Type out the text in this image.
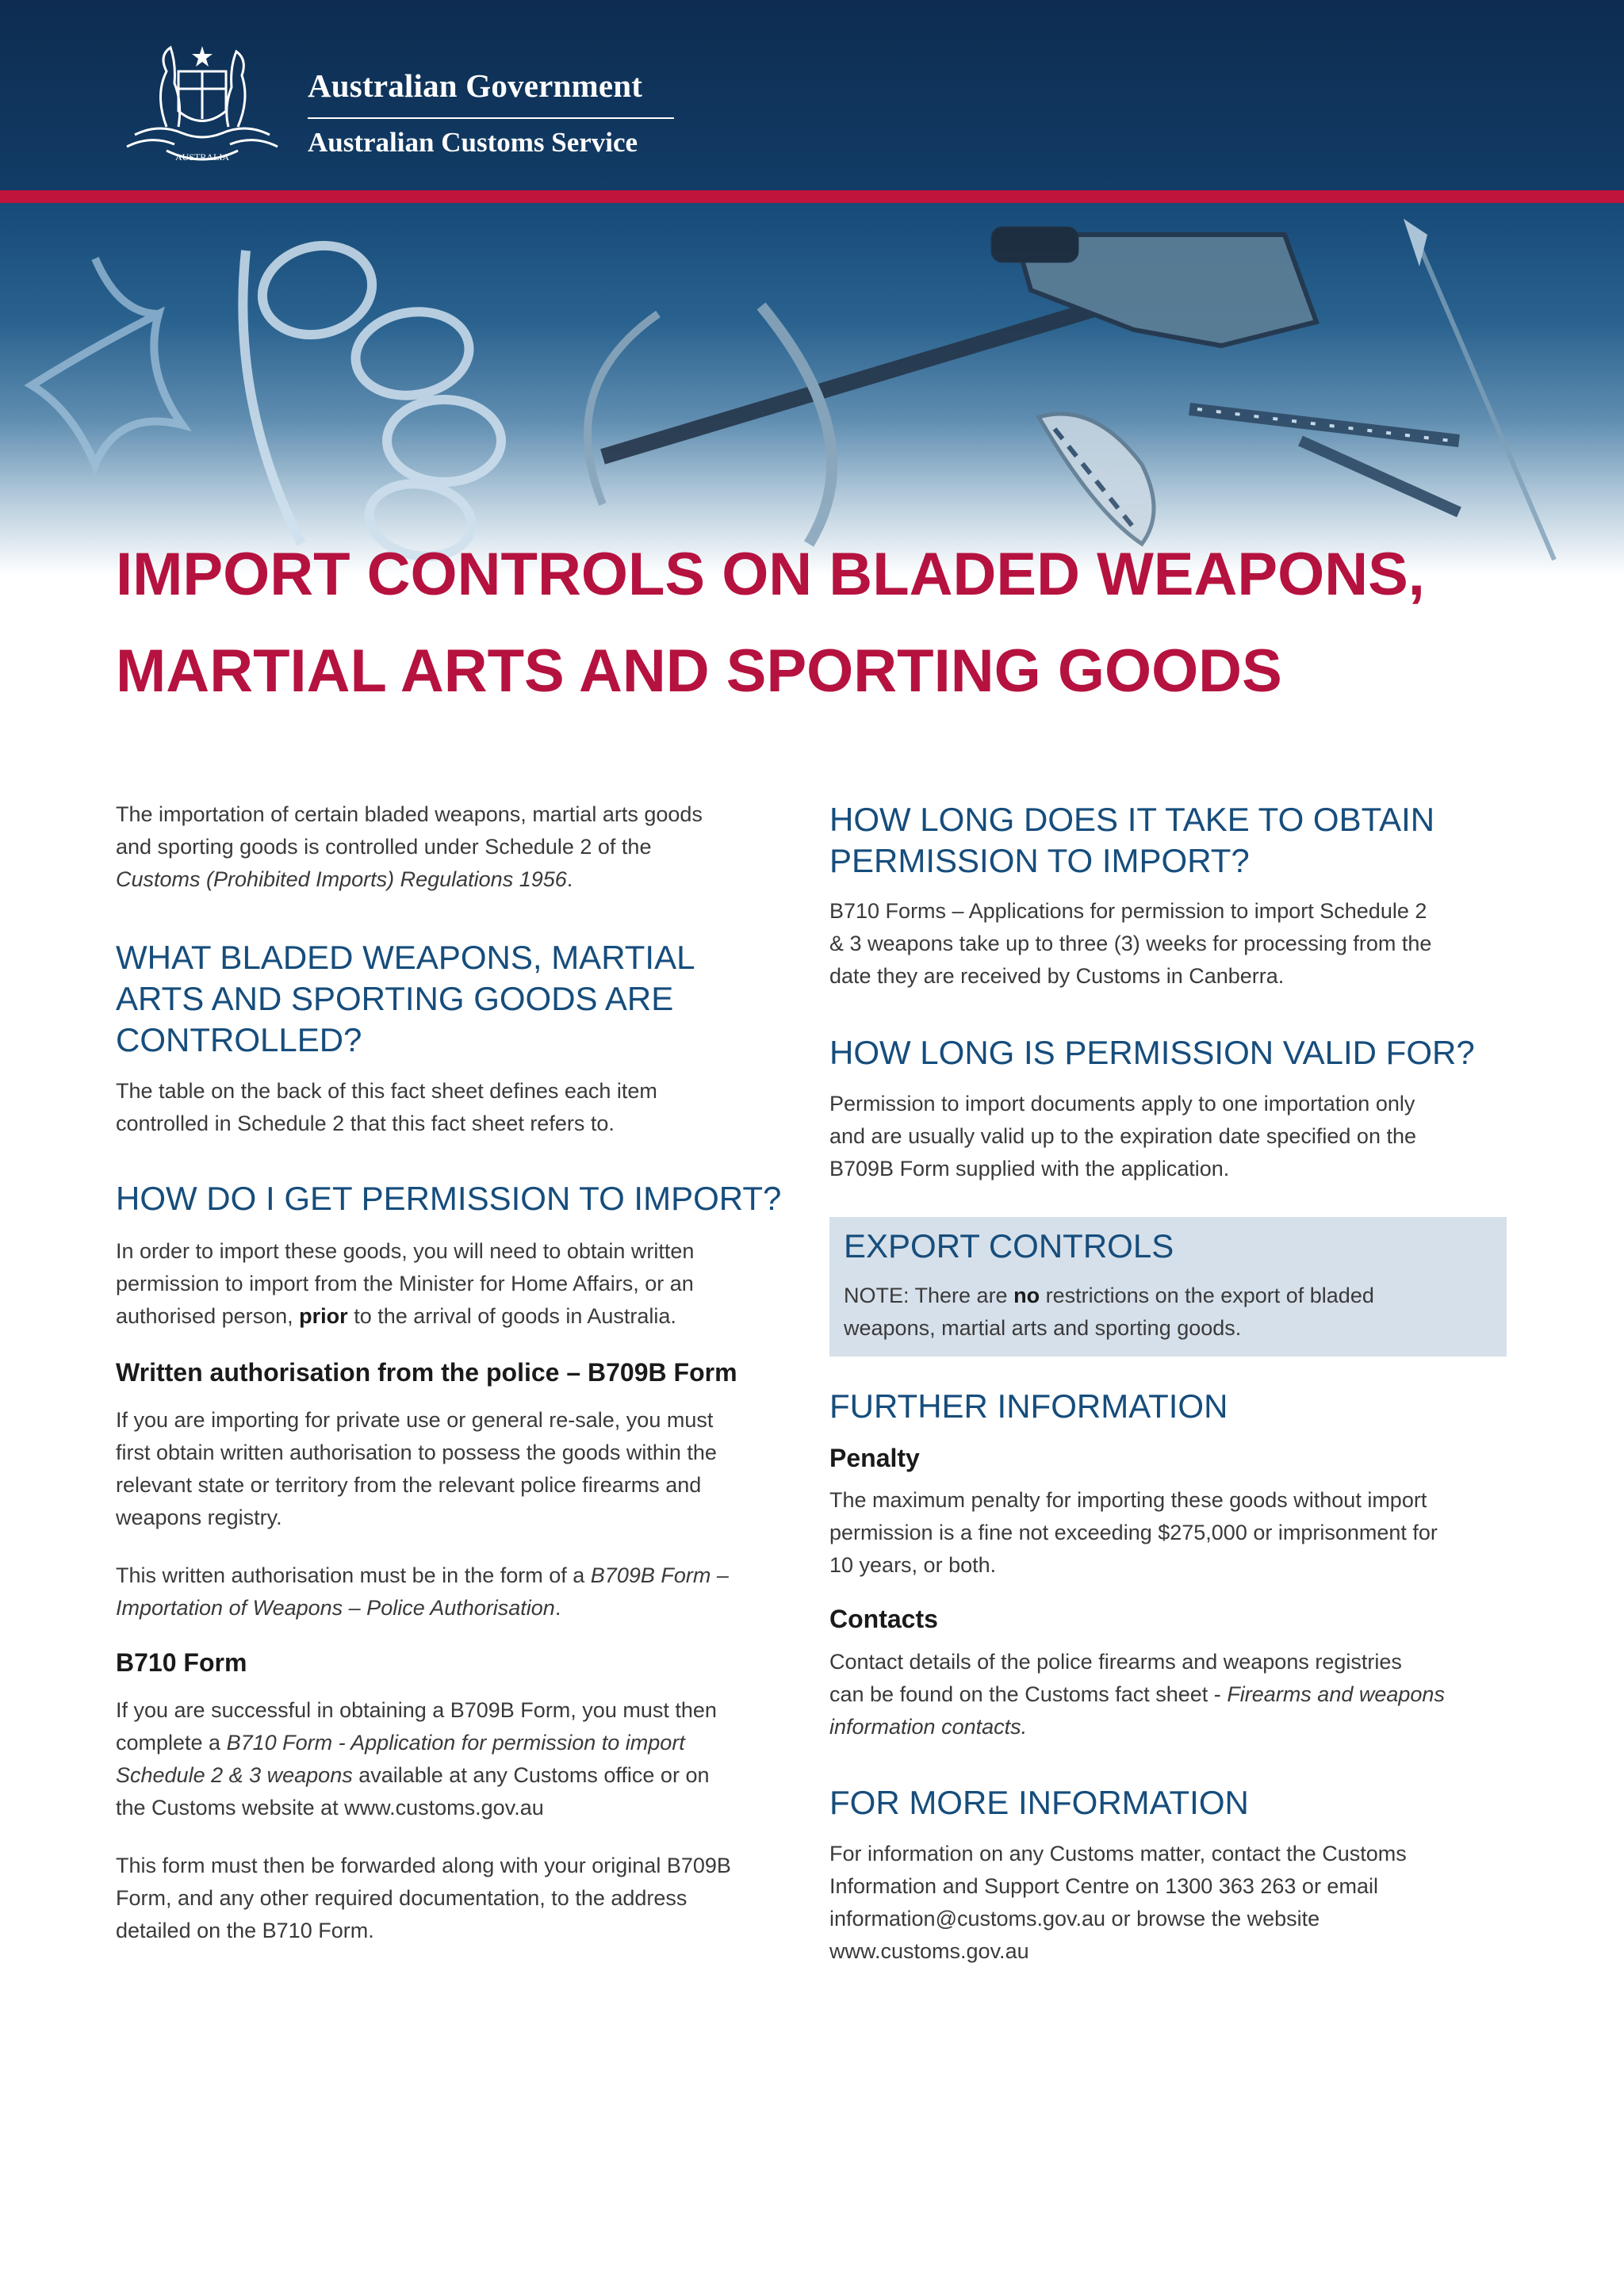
AUSTRALIA
Australian Government
Australian Customs Service
IMPORT CONTROLS ON BLADED WEAPONS,
MARTIAL ARTS AND SPORTING GOODS
The importation of certain bladed weapons, martial arts goods
and sporting goods is controlled under Schedule 2 of the
Customs (Prohibited Imports) Regulations 1956.
WHAT BLADED WEAPONS, MARTIAL
ARTS AND SPORTING GOODS ARE
CONTROLLED?
The table on the back of this fact sheet defines each item
controlled in Schedule 2 that this fact sheet refers to.
HOW DO I GET PERMISSION TO IMPORT?
In order to import these goods, you will need to obtain written
permission to import from the Minister for Home Affairs, or an
authorised person, prior to the arrival of goods in Australia.
Written authorisation from the police – B709B Form
If you are importing for private use or general re-sale, you must
first obtain written authorisation to possess the goods within the
relevant state or territory from the relevant police firearms and
weapons registry.
This written authorisation must be in the form of a B709B Form –
Importation of Weapons – Police Authorisation.
B710 Form
If you are successful in obtaining a B709B Form, you must then
complete a B710 Form - Application for permission to import
Schedule 2 & 3 weapons available at any Customs office or on
the Customs website at www.customs.gov.au
This form must then be forwarded along with your original B709B
Form, and any other required documentation, to the address
detailed on the B710 Form.
HOW LONG DOES IT TAKE TO OBTAIN
PERMISSION TO IMPORT?
B710 Forms – Applications for permission to import Schedule 2
& 3 weapons take up to three (3) weeks for processing from the
date they are received by Customs in Canberra.
HOW LONG IS PERMISSION VALID FOR?
Permission to import documents apply to one importation only
and are usually valid up to the expiration date specified on the
B709B Form supplied with the application.
EXPORT CONTROLS
NOTE: There are no restrictions on the export of bladed
weapons, martial arts and sporting goods.
FURTHER INFORMATION
Penalty
The maximum penalty for importing these goods without import
permission is a fine not exceeding $275,000 or imprisonment for
10 years, or both.
Contacts
Contact details of the police firearms and weapons registries
can be found on the Customs fact sheet - Firearms and weapons
information contacts.
FOR MORE INFORMATION
For information on any Customs matter, contact the Customs
Information and Support Centre on 1300 363 263 or email
information@customs.gov.au or browse the website
www.customs.gov.au
